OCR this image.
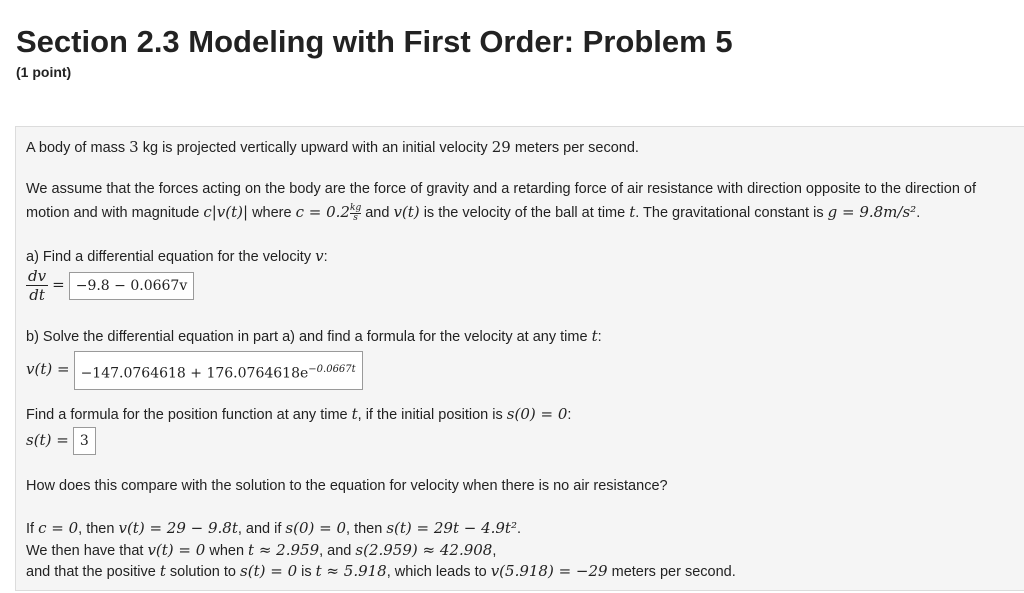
Section 2.3 Modeling with First Order: Problem 5
(1 point)
A body of mass 3 kg is projected vertically upward with an initial velocity 29 meters per second.
We assume that the forces acting on the body are the force of gravity and a retarding force of air resistance with direction opposite to the direction of
motion and with magnitude c|v(t)| where $c = 0.2 \frac{kg}{s}$ and v(t) is the velocity of the ball at time t. The gravitational constant is g = 9.8m/s².
a) Find a differential equation for the velocity v:
$\frac{dv}{dt} = -9.8 - 0.0667v$
b) Solve the differential equation in part a) and find a formula for the velocity at any time t:
$v(t) = -147.0764618 + 176.0764618e^{-0.0667t}$
Find a formula for the position function at any time t, if the initial position is s(0) = 0:
s(t) = 3
How does this compare with the solution to the equation for velocity when there is no air resistance?
If c = 0, then v(t) = 29 − 9.8t, and if s(0) = 0, then s(t) = 29t − 4.9t².
We then have that v(t) = 0 when t ≈ 2.959, and s(2.959) ≈ 42.908,
and that the positive t solution to s(t) = 0 is t ≈ 5.918, which leads to v(5.918) = −29 meters per second.
